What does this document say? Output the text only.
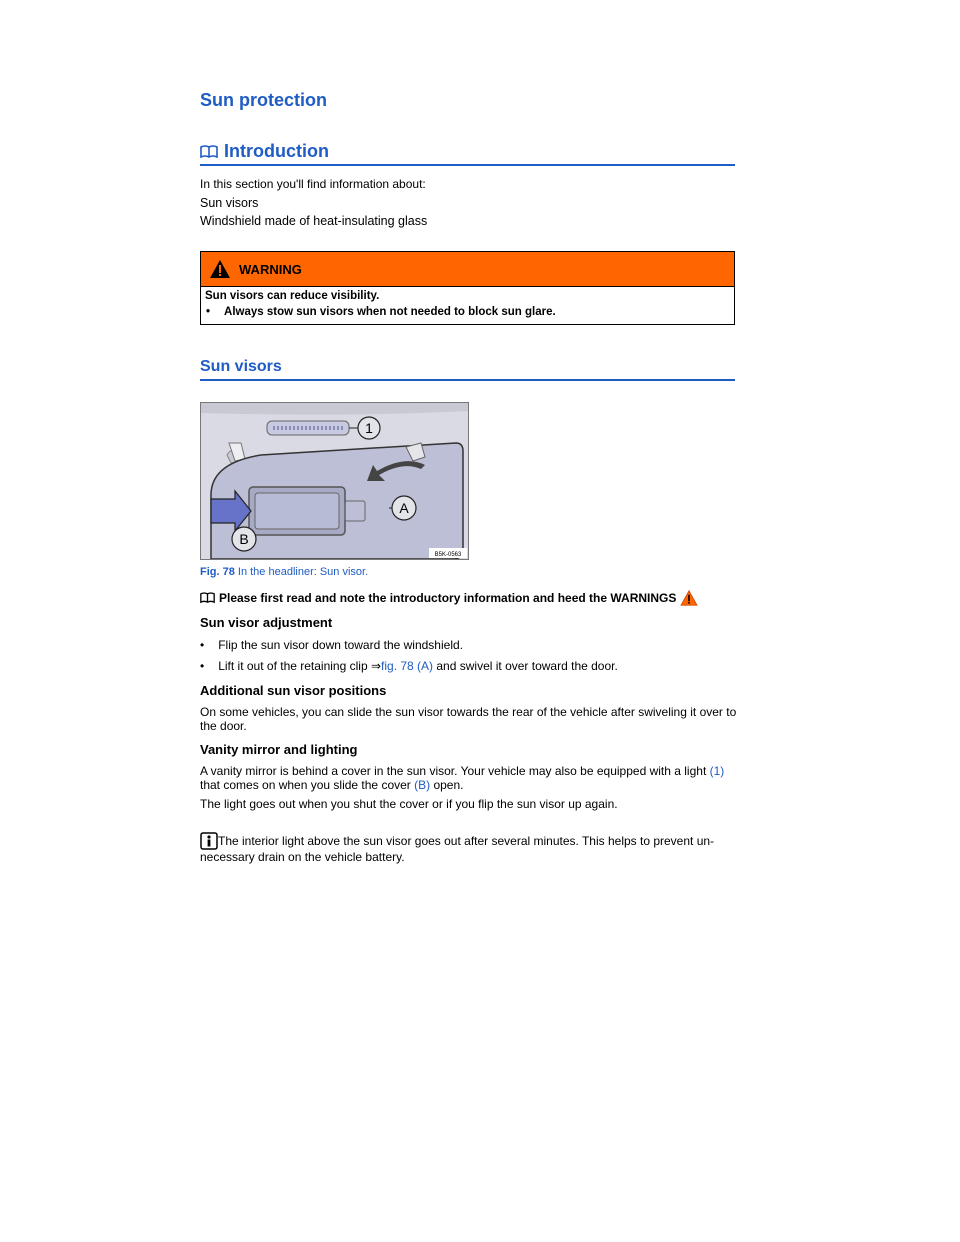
Sun protection
Introduction
In this section you'll find information about:
Sun visors
Windshield made of heat-insulating glass
WARNING
Sun visors can reduce visibility.
• Always stow sun visors when not needed to block sun glare.
Sun visors
1
A
B
B5K-0563
Fig. 78 In the headliner: Sun visor.
Please first read and note the introductory information and heed the WARNINGS
Sun visor adjustment
• Flip the sun visor down toward the windshield.
• Lift it out of the retaining clip ⇒fig. 78 (A) and swivel it over toward the door.
Additional sun visor positions
On some vehicles, you can slide the sun visor towards the rear of the vehicle after swiveling it over to
the door.
Vanity mirror and lighting
A vanity mirror is behind a cover in the sun visor. Your vehicle may also be equipped with a light (1)
that comes on when you slide the cover (B) open.
The light goes out when you shut the cover or if you flip the sun visor up again.
The interior light above the sun visor goes out after several minutes. This helps to prevent un-
necessary drain on the vehicle battery.
